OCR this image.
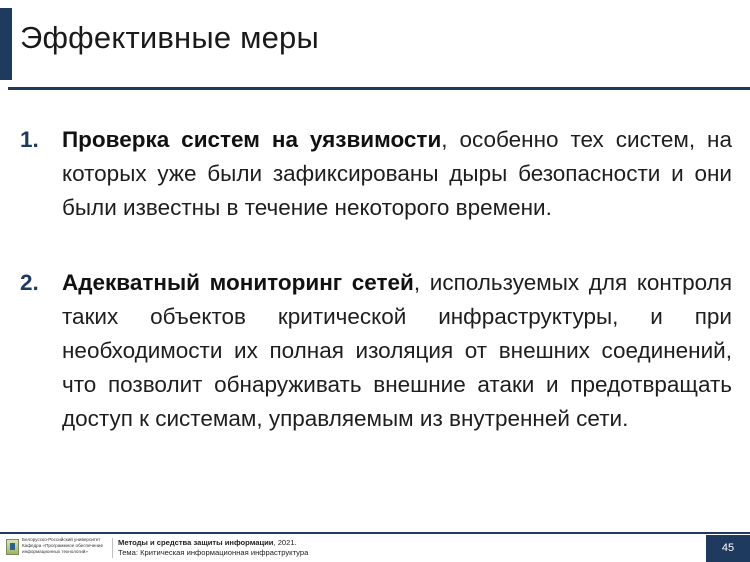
Эффективные меры
1. Проверка систем на уязвимости, особенно тех систем, на которых уже были зафиксированы дыры безопасности и они были известны в течение некоторого времени.

2. Адекватный мониторинг сетей, используемых для контроля таких объектов критической инфраструктуры, и при необходимости их полная изоляция от внешних соединений, что позволит обнаруживать внешние атаки и предотвращать доступ к системам, управляемым из внутренней сети.

Белорусско-Российский университет
Кафедра «Программное обеспечение
информационных технологий»
Методы и средства защиты информации, 2021.
Тема: Критическая информационная инфраструктура	45
